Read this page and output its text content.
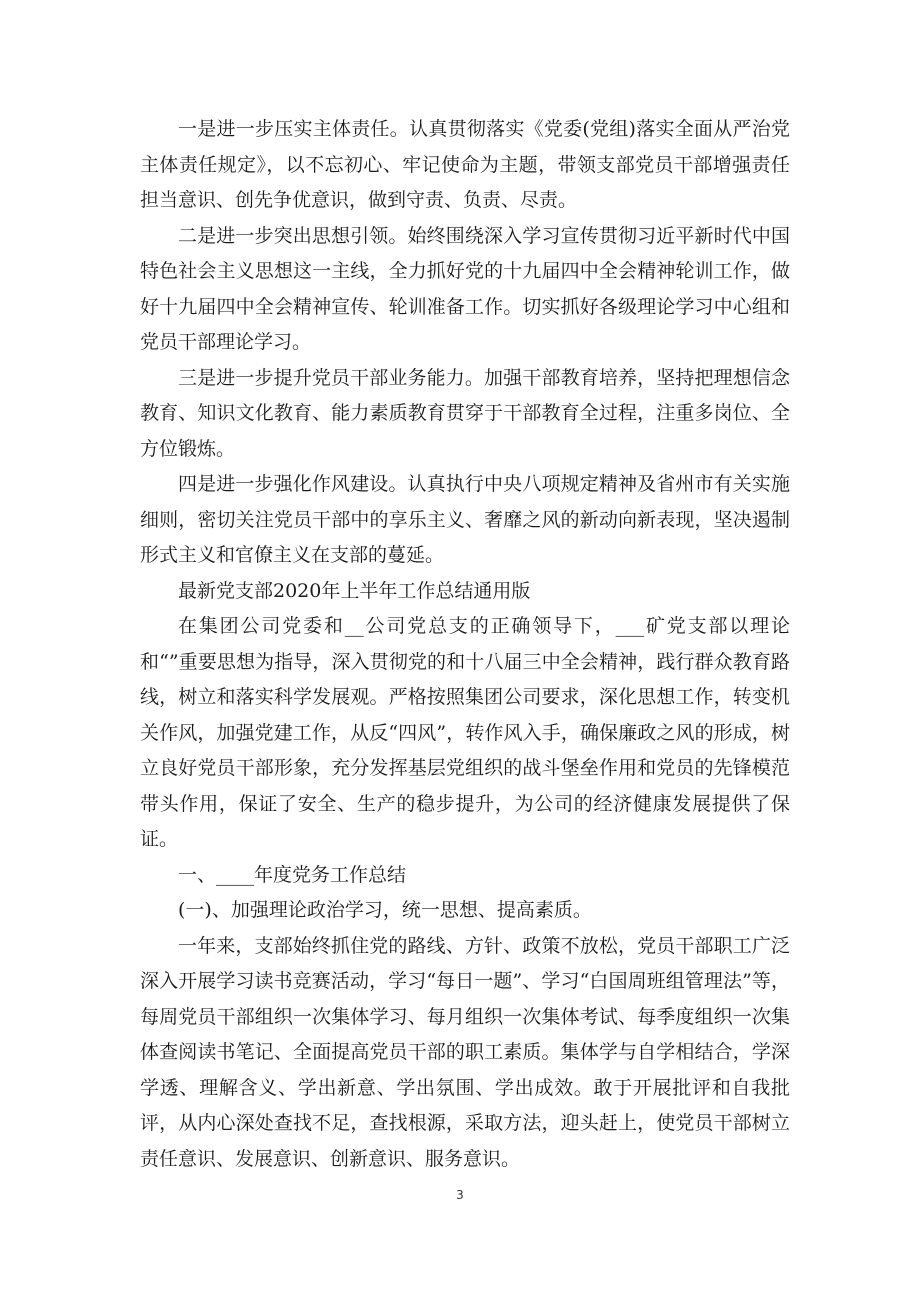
一是进一步压实主体责任。认真贯彻落实《党委(党组)落实全面从严治党主体责任规定》，以不忘初心、牢记使命为主题，带领支部党员干部增强责任担当意识、创先争优意识，做到守责、负责、尽责。

二是进一步突出思想引领。始终围绕深入学习宣传贯彻习近平新时代中国特色社会主义思想这一主线，全力抓好党的十九届四中全会精神轮训工作，做好十九届四中全会精神宣传、轮训准备工作。切实抓好各级理论学习中心组和党员干部理论学习。

三是进一步提升党员干部业务能力。加强干部教育培养，坚持把理想信念教育、知识文化教育、能力素质教育贯穿于干部教育全过程，注重多岗位、全方位锻炼。

四是进一步强化作风建设。认真执行中央八项规定精神及省州市有关实施细则，密切关注党员干部中的享乐主义、奢靡之风的新动向新表现，坚决遏制形式主义和官僚主义在支部的蔓延。

最新党支部2020年上半年工作总结通用版

在集团公司党委和__公司党总支的正确领导下，___矿党支部以理论和“”重要思想为指导，深入贯彻党的和十八届三中全会精神，践行群众教育路线，树立和落实科学发展观。严格按照集团公司要求，深化思想工作，转变机关作风，加强党建工作，从反“四风”，转作风入手，确保廉政之风的形成，树立良好党员干部形象，充分发挥基层党组织的战斗堡垒作用和党员的先锋模范带头作用，保证了安全、生产的稳步提升，为公司的经济健康发展提供了保证。

一、____年度党务工作总结

(一)、加强理论政治学习，统一思想、提高素质。

一年来，支部始终抓住党的路线、方针、政策不放松，党员干部职工广泛深入开展学习读书竞赛活动，学习“每日一题”、学习“白国周班组管理法”等，每周党员干部组织一次集体学习、每月组织一次集体考试、每季度组织一次集体查阅读书笔记、全面提高党员干部的职工素质。集体学与自学相结合，学深学透、理解含义、学出新意、学出氛围、学出成效。敢于开展批评和自我批评，从内心深处查找不足，查找根源，采取方法，迎头赶上，使党员干部树立责任意识、发展意识、创新意识、服务意识。

3
